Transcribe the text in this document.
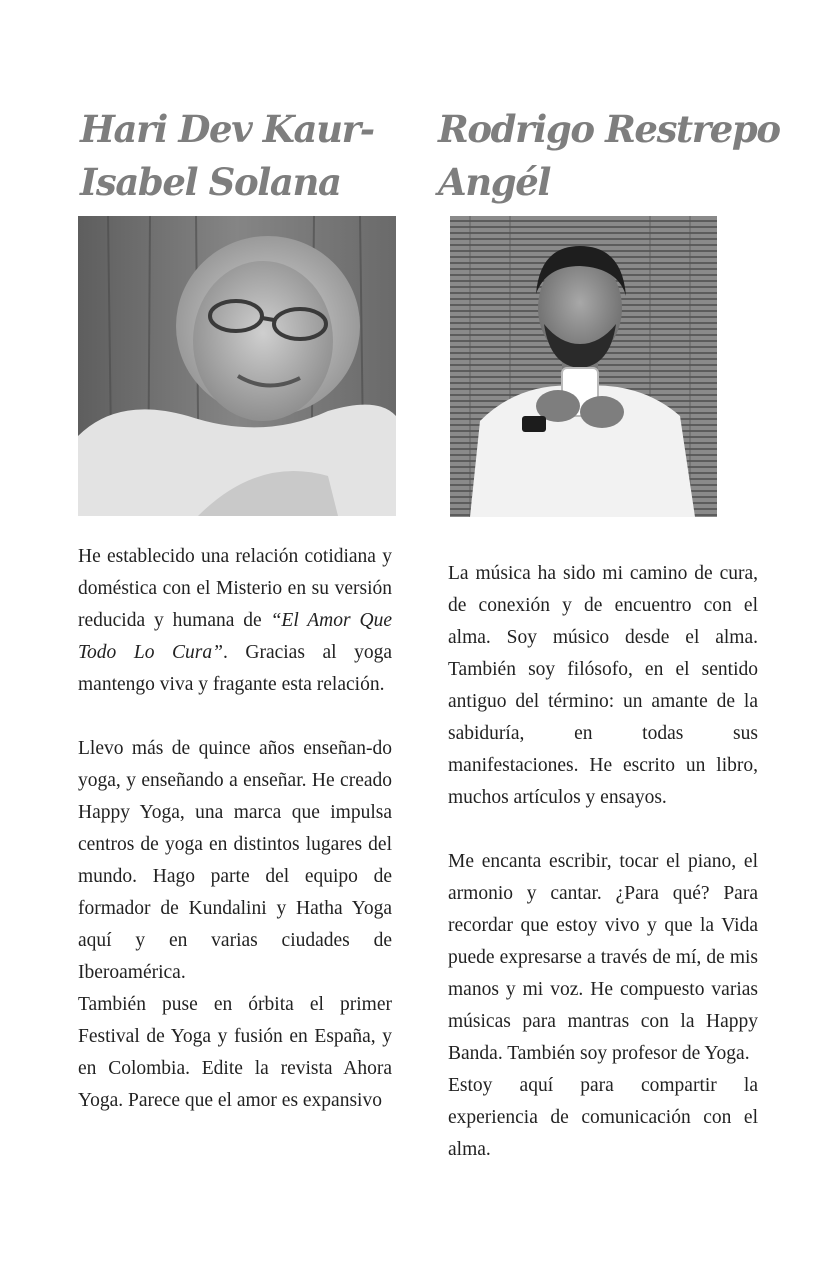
Hari Dev Kaur-
Isabel Solana

He establecido una relación cotidiana y doméstica con el Misterio en su versión reducida y humana de “El Amor Que Todo Lo Cura”. Gracias al yoga mantengo viva y fragante esta relación.

Llevo más de quince años enseñan-do yoga, y enseñando a enseñar. He creado Happy Yoga, una marca que impulsa centros de yoga en distintos lugares del mundo. Hago parte del equipo de formador de Kundalini y Hatha Yoga aquí y en varias ciudades de Iberoamérica.

También puse en órbita el primer Festival de Yoga y fusión en España, y en Colombia. Edite la revista Ahora Yoga. Parece que el amor es expansivo

Rodrigo Restrepo
Angél

La música ha sido mi camino de cura, de conexión y de encuentro con el alma. Soy músico desde el alma. También soy filósofo, en el sentido antiguo del término: un amante de la sabiduría, en todas sus manifestaciones. He escrito un libro, muchos artículos y ensayos.

Me encanta escribir, tocar el piano, el armonio y cantar. ¿Para qué? Para recordar que estoy vivo y que la Vida puede expresarse a través de mí, de mis manos y mi voz. He compuesto varias músicas para mantras con la Happy Banda. También soy profesor de Yoga.

Estoy aquí para compartir la experiencia de comunicación con el alma.
